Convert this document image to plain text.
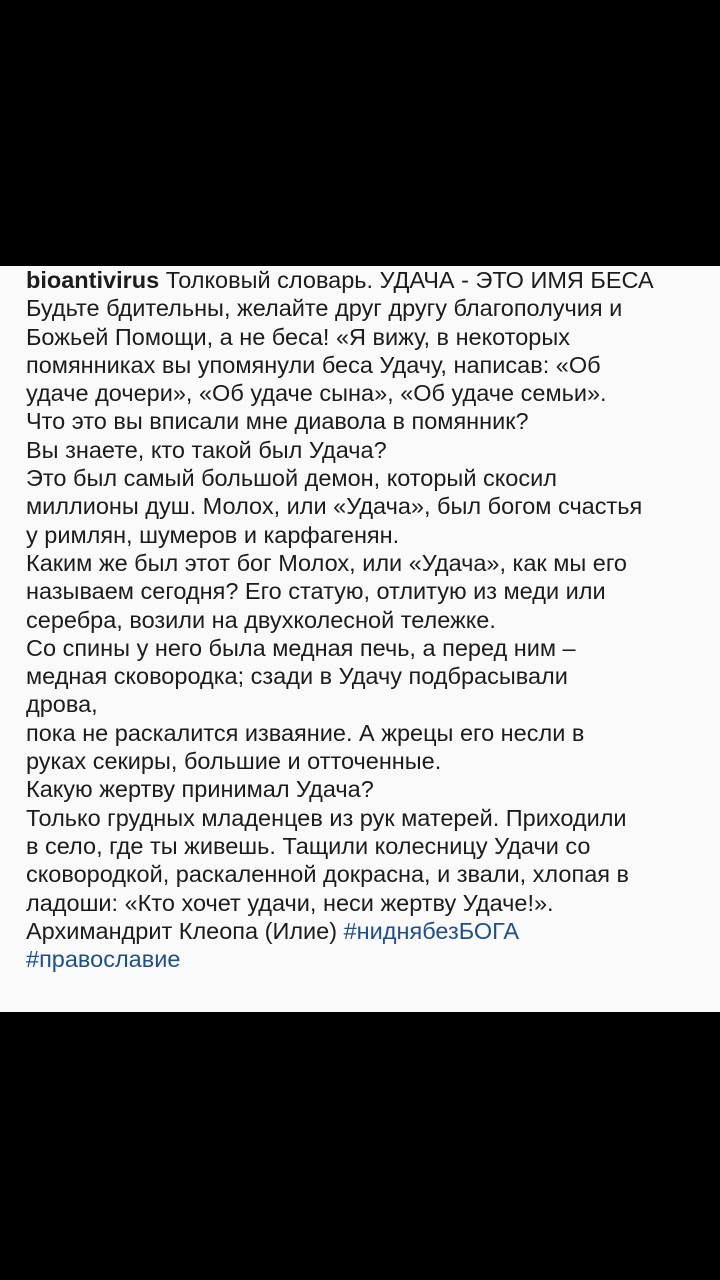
bioantivirus Толковый словарь. УДАЧА - ЭТО ИМЯ БЕСА
Будьте бдительны, желайте друг другу благополучия и
Божьей Помощи, а не беса! «Я вижу, в некоторых
помянниках вы упомянули беса Удачу, написав: «Об
удаче дочери», «Об удаче сына», «Об удаче семьи».
Что это вы вписали мне диавола в помянник?
Вы знаете, кто такой был Удача?
Это был самый большой демон, который скосил
миллионы душ. Молох, или «Удача», был богом счастья
у римлян, шумеров и карфагенян.
Каким же был этот бог Молох, или «Удача», как мы его
называем сегодня? Его статую, отлитую из меди или
серебра, возили на двухколесной тележке.
Со спины у него была медная печь, а перед ним –
медная сковородка; сзади в Удачу подбрасывали
дрова,
пока не раскалится изваяние. А жрецы его несли в
руках секиры, большие и отточенные.
Какую жертву принимал Удача?
Только грудных младенцев из рук матерей. Приходили
в село, где ты живешь. Тащили колесницу Удачи со
сковородкой, раскаленной докрасна, и звали, хлопая в
ладоши: «Кто хочет удачи, неси жертву Удаче!».
Архимандрит Клеопа (Илие) #ниднябезБОГА
#православие
